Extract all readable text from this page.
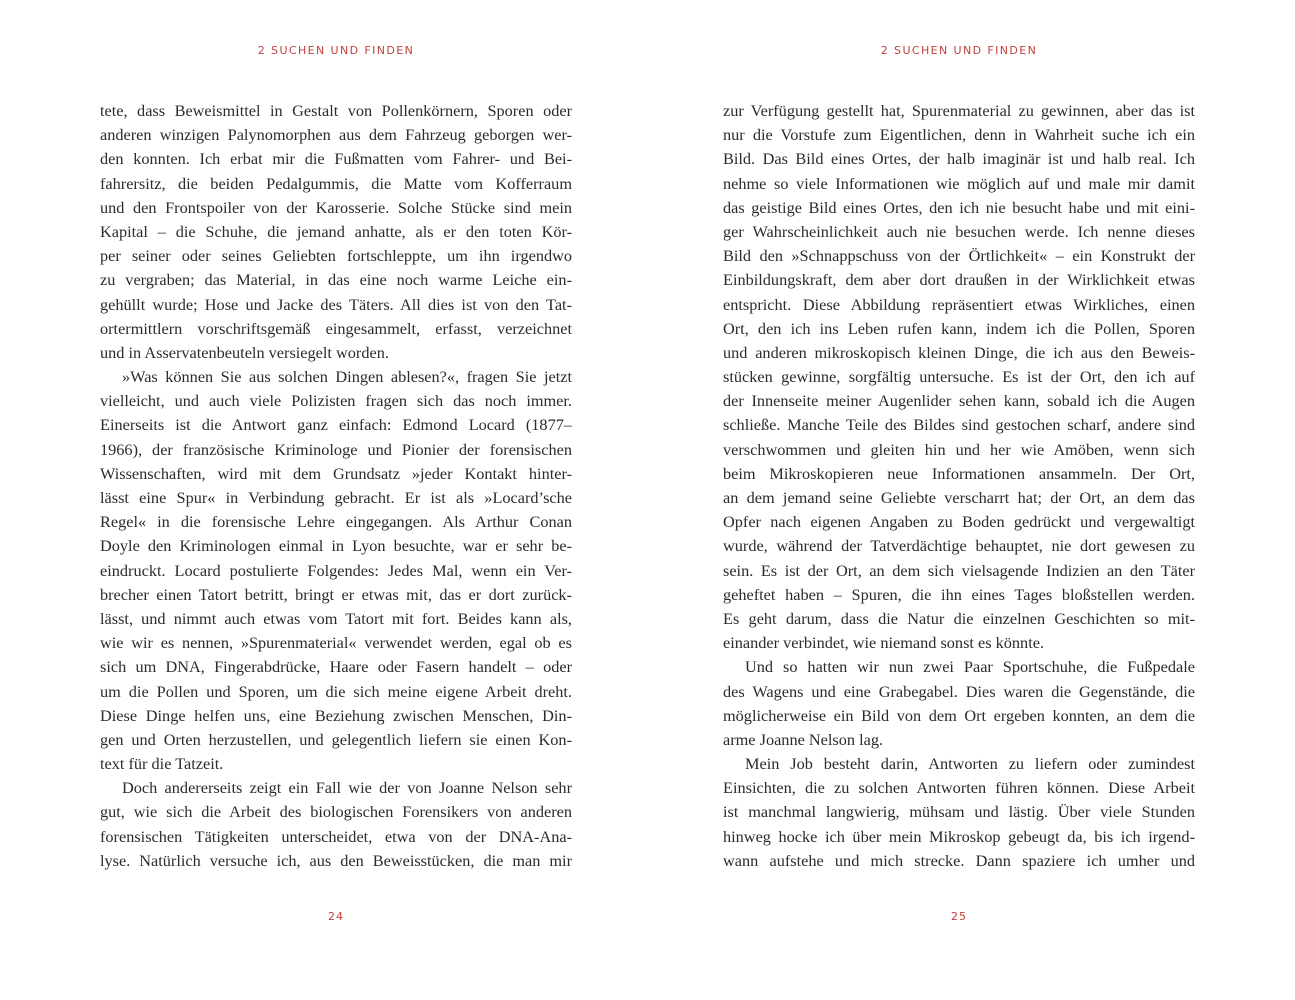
2 SUCHEN UND FINDEN
tete, dass Beweismittel in Gestalt von Pollenkörnern, Sporen oder
anderen winzigen Palynomorphen aus dem Fahrzeug geborgen wer-
den konnten. Ich erbat mir die Fußmatten vom Fahrer- und Bei-
fahrersitz, die beiden Pedalgummis, die Matte vom Kofferraum
und den Frontspoiler von der Karosserie. Solche Stücke sind mein
Kapital – die Schuhe, die jemand anhatte, als er den toten Kör-
per seiner oder seines Geliebten fortschleppte, um ihn irgendwo
zu vergraben; das Material, in das eine noch warme Leiche ein-
gehüllt wurde; Hose und Jacke des Täters. All dies ist von den Tat-
ortermittlern vorschriftsgemäß eingesammelt, erfasst, verzeichnet
und in Asservatenbeuteln versiegelt worden.
»Was können Sie aus solchen Dingen ablesen?«, fragen Sie jetzt
vielleicht, und auch viele Polizisten fragen sich das noch immer.
Einerseits ist die Antwort ganz einfach: Edmond Locard (1877–
1966), der französische Kriminologe und Pionier der forensischen
Wissenschaften, wird mit dem Grundsatz »jeder Kontakt hinter-
lässt eine Spur« in Verbindung gebracht. Er ist als »Locard’sche
Regel« in die forensische Lehre eingegangen. Als Arthur Conan
Doyle den Kriminologen einmal in Lyon besuchte, war er sehr be-
eindruckt. Locard postulierte Folgendes: Jedes Mal, wenn ein Ver-
brecher einen Tatort betritt, bringt er etwas mit, das er dort zurück-
lässt, und nimmt auch etwas vom Tatort mit fort. Beides kann als,
wie wir es nennen, »Spurenmaterial« verwendet werden, egal ob es
sich um DNA, Fingerabdrücke, Haare oder Fasern handelt – oder
um die Pollen und Sporen, um die sich meine eigene Arbeit dreht.
Diese Dinge helfen uns, eine Beziehung zwischen Menschen, Din-
gen und Orten herzustellen, und gelegentlich liefern sie einen Kon-
text für die Tatzeit.
Doch andererseits zeigt ein Fall wie der von Joanne Nelson sehr
gut, wie sich die Arbeit des biologischen Forensikers von anderen
forensischen Tätigkeiten unterscheidet, etwa von der DNA-Ana-
lyse. Natürlich versuche ich, aus den Beweisstücken, die man mir
24
2 SUCHEN UND FINDEN
zur Verfügung gestellt hat, Spurenmaterial zu gewinnen, aber das ist
nur die Vorstufe zum Eigentlichen, denn in Wahrheit suche ich ein
Bild. Das Bild eines Ortes, der halb imaginär ist und halb real. Ich
nehme so viele Informationen wie möglich auf und male mir damit
das geistige Bild eines Ortes, den ich nie besucht habe und mit eini-
ger Wahrscheinlichkeit auch nie besuchen werde. Ich nenne dieses
Bild den »Schnappschuss von der Örtlichkeit« – ein Konstrukt der
Einbildungskraft, dem aber dort draußen in der Wirklichkeit etwas
entspricht. Diese Abbildung repräsentiert etwas Wirkliches, einen
Ort, den ich ins Leben rufen kann, indem ich die Pollen, Sporen
und anderen mikroskopisch kleinen Dinge, die ich aus den Beweis-
stücken gewinne, sorgfältig untersuche. Es ist der Ort, den ich auf
der Innenseite meiner Augenlider sehen kann, sobald ich die Augen
schließe. Manche Teile des Bildes sind gestochen scharf, andere sind
verschwommen und gleiten hin und her wie Amöben, wenn sich
beim Mikroskopieren neue Informationen ansammeln. Der Ort,
an dem jemand seine Geliebte verscharrt hat; der Ort, an dem das
Opfer nach eigenen Angaben zu Boden gedrückt und vergewaltigt
wurde, während der Tatverdächtige behauptet, nie dort gewesen zu
sein. Es ist der Ort, an dem sich vielsagende Indizien an den Täter
geheftet haben – Spuren, die ihn eines Tages bloßstellen werden.
Es geht darum, dass die Natur die einzelnen Geschichten so mit-
einander verbindet, wie niemand sonst es könnte.
Und so hatten wir nun zwei Paar Sportschuhe, die Fußpedale
des Wagens und eine Grabegabel. Dies waren die Gegenstände, die
möglicherweise ein Bild von dem Ort ergeben konnten, an dem die
arme Joanne Nelson lag.
Mein Job besteht darin, Antworten zu liefern oder zumindest
Einsichten, die zu solchen Antworten führen können. Diese Arbeit
ist manchmal langwierig, mühsam und lästig. Über viele Stunden
hinweg hocke ich über mein Mikroskop gebeugt da, bis ich irgend-
wann aufstehe und mich strecke. Dann spaziere ich umher und
25
